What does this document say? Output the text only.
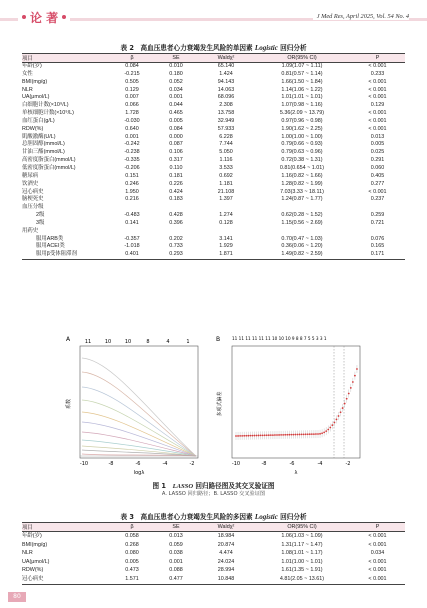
论 著	J Med Res, April 2025, Vol. 54 No. 4
表 2　高血压患者心力衰竭发生风险的单因素 Logistic 回归分析
项目	β	SE	Waldχ²	OR(95% CI)	P
年龄(岁)	0.084	0.010	65.140	1.09(1.07 ~ 1.11)	< 0.001
女性	-0.215	0.180	1.424	0.81(0.57 ~ 1.14)	0.233
BMI(mg/g)	0.505	0.052	94.143	1.66(1.50 ~ 1.84)	< 0.001
NLR	0.129	0.034	14.063	1.14(1.06 ~ 1.22)	< 0.001
UA(μmol/L)	0.007	0.001	68.096	1.01(1.01 ~ 1.01)	< 0.001
白细胞计数(×10⁹/L)	0.066	0.044	2.308	1.07(0.98 ~ 1.16)	0.129
单核细胞计数(×10⁹/L)	1.728	0.465	13.758	5.36(2.09 ~ 13.79)	< 0.001
血红蛋白(g/L)	-0.030	0.005	32.949	0.97(0.96 ~ 0.98)	< 0.001
RDW(%)	0.640	0.084	57.933	1.90(1.62 ~ 2.25)	< 0.001
肌酸激酶(U/L)	0.001	0.000	6.228	1.00(1.00 ~ 1.00)	0.013
总胆固醇(mmol/L)	-0.242	0.087	7.744	0.79(0.66 ~ 0.93)	0.005
甘油三酯(mmol/L)	-0.238	0.106	5.050	0.79(0.63 ~ 0.96)	0.025
高密度脂蛋白(mmol/L)	-0.335	0.317	1.116	0.72(0.38 ~ 1.31)	0.291
低密度脂蛋白(mmol/L)	-0.206	0.110	3.533	0.81(0.654 ~ 1.01)	0.060
糖尿病	0.151	0.181	0.692	1.16(0.82 ~ 1.66)	0.405
饮酒史	0.246	0.226	1.181	1.28(0.82 ~ 1.99)	0.277
冠心病史	1.950	0.424	21.108	7.03(3.33 ~ 18.11)	< 0.001
脑梗死史	0.216	0.183	1.397	1.24(0.87 ~ 1.77)	0.237
血压分级					
2级	-0.483	0.428	1.274	0.62(0.28 ~ 1.52)	0.259
3级	0.141	0.396	0.128	1.15(0.56 ~ 2.69)	0.721
用药史					
服用ARB类	-0.357	0.202	3.141	0.70(0.47 ~ 1.03)	0.076
服用ACEI类	-1.018	0.733	1.929	0.36(0.06 ~ 1.20)	0.165
服用β受体阻滞剂	0.401	0.293	1.871	1.49(0.82 ~ 2.59)	0.171
A	11	10	10	8	4	1
-10	-8	-6	-4	-2
系数
logλ
B	11 11 11 11 11 11 10 10 10 9 8 8 7 5 5 3 3 1
-10	-8	-6	-4	-2
多项式偏差
λ
图 1　LASSO 回归路径图及其交叉验证图
A. LASSO 回归路径；B. LASSO 交叉验证图
表 3　高血压患者心力衰竭发生风险的多因素 Logistic 回归分析
项目	β	SE	Waldχ²	OR(95% CI)	P
年龄(岁)	0.058	0.013	18.984	1.06(1.03 ~ 1.09)	< 0.001
BMI(mg/g)	0.268	0.059	20.874	1.31(1.17 ~ 1.47)	< 0.001
NLR	0.080	0.038	4.474	1.08(1.01 ~ 1.17)	0.034
UA(μmol/L)	0.005	0.001	24.024	1.01(1.00 ~ 1.01)	< 0.001
RDW(%)	0.473	0.088	28.994	1.61(1.35 ~ 1.91)	< 0.001
冠心病史	1.571	0.477	10.848	4.81(2.05 ~ 13.61)	< 0.001
80
